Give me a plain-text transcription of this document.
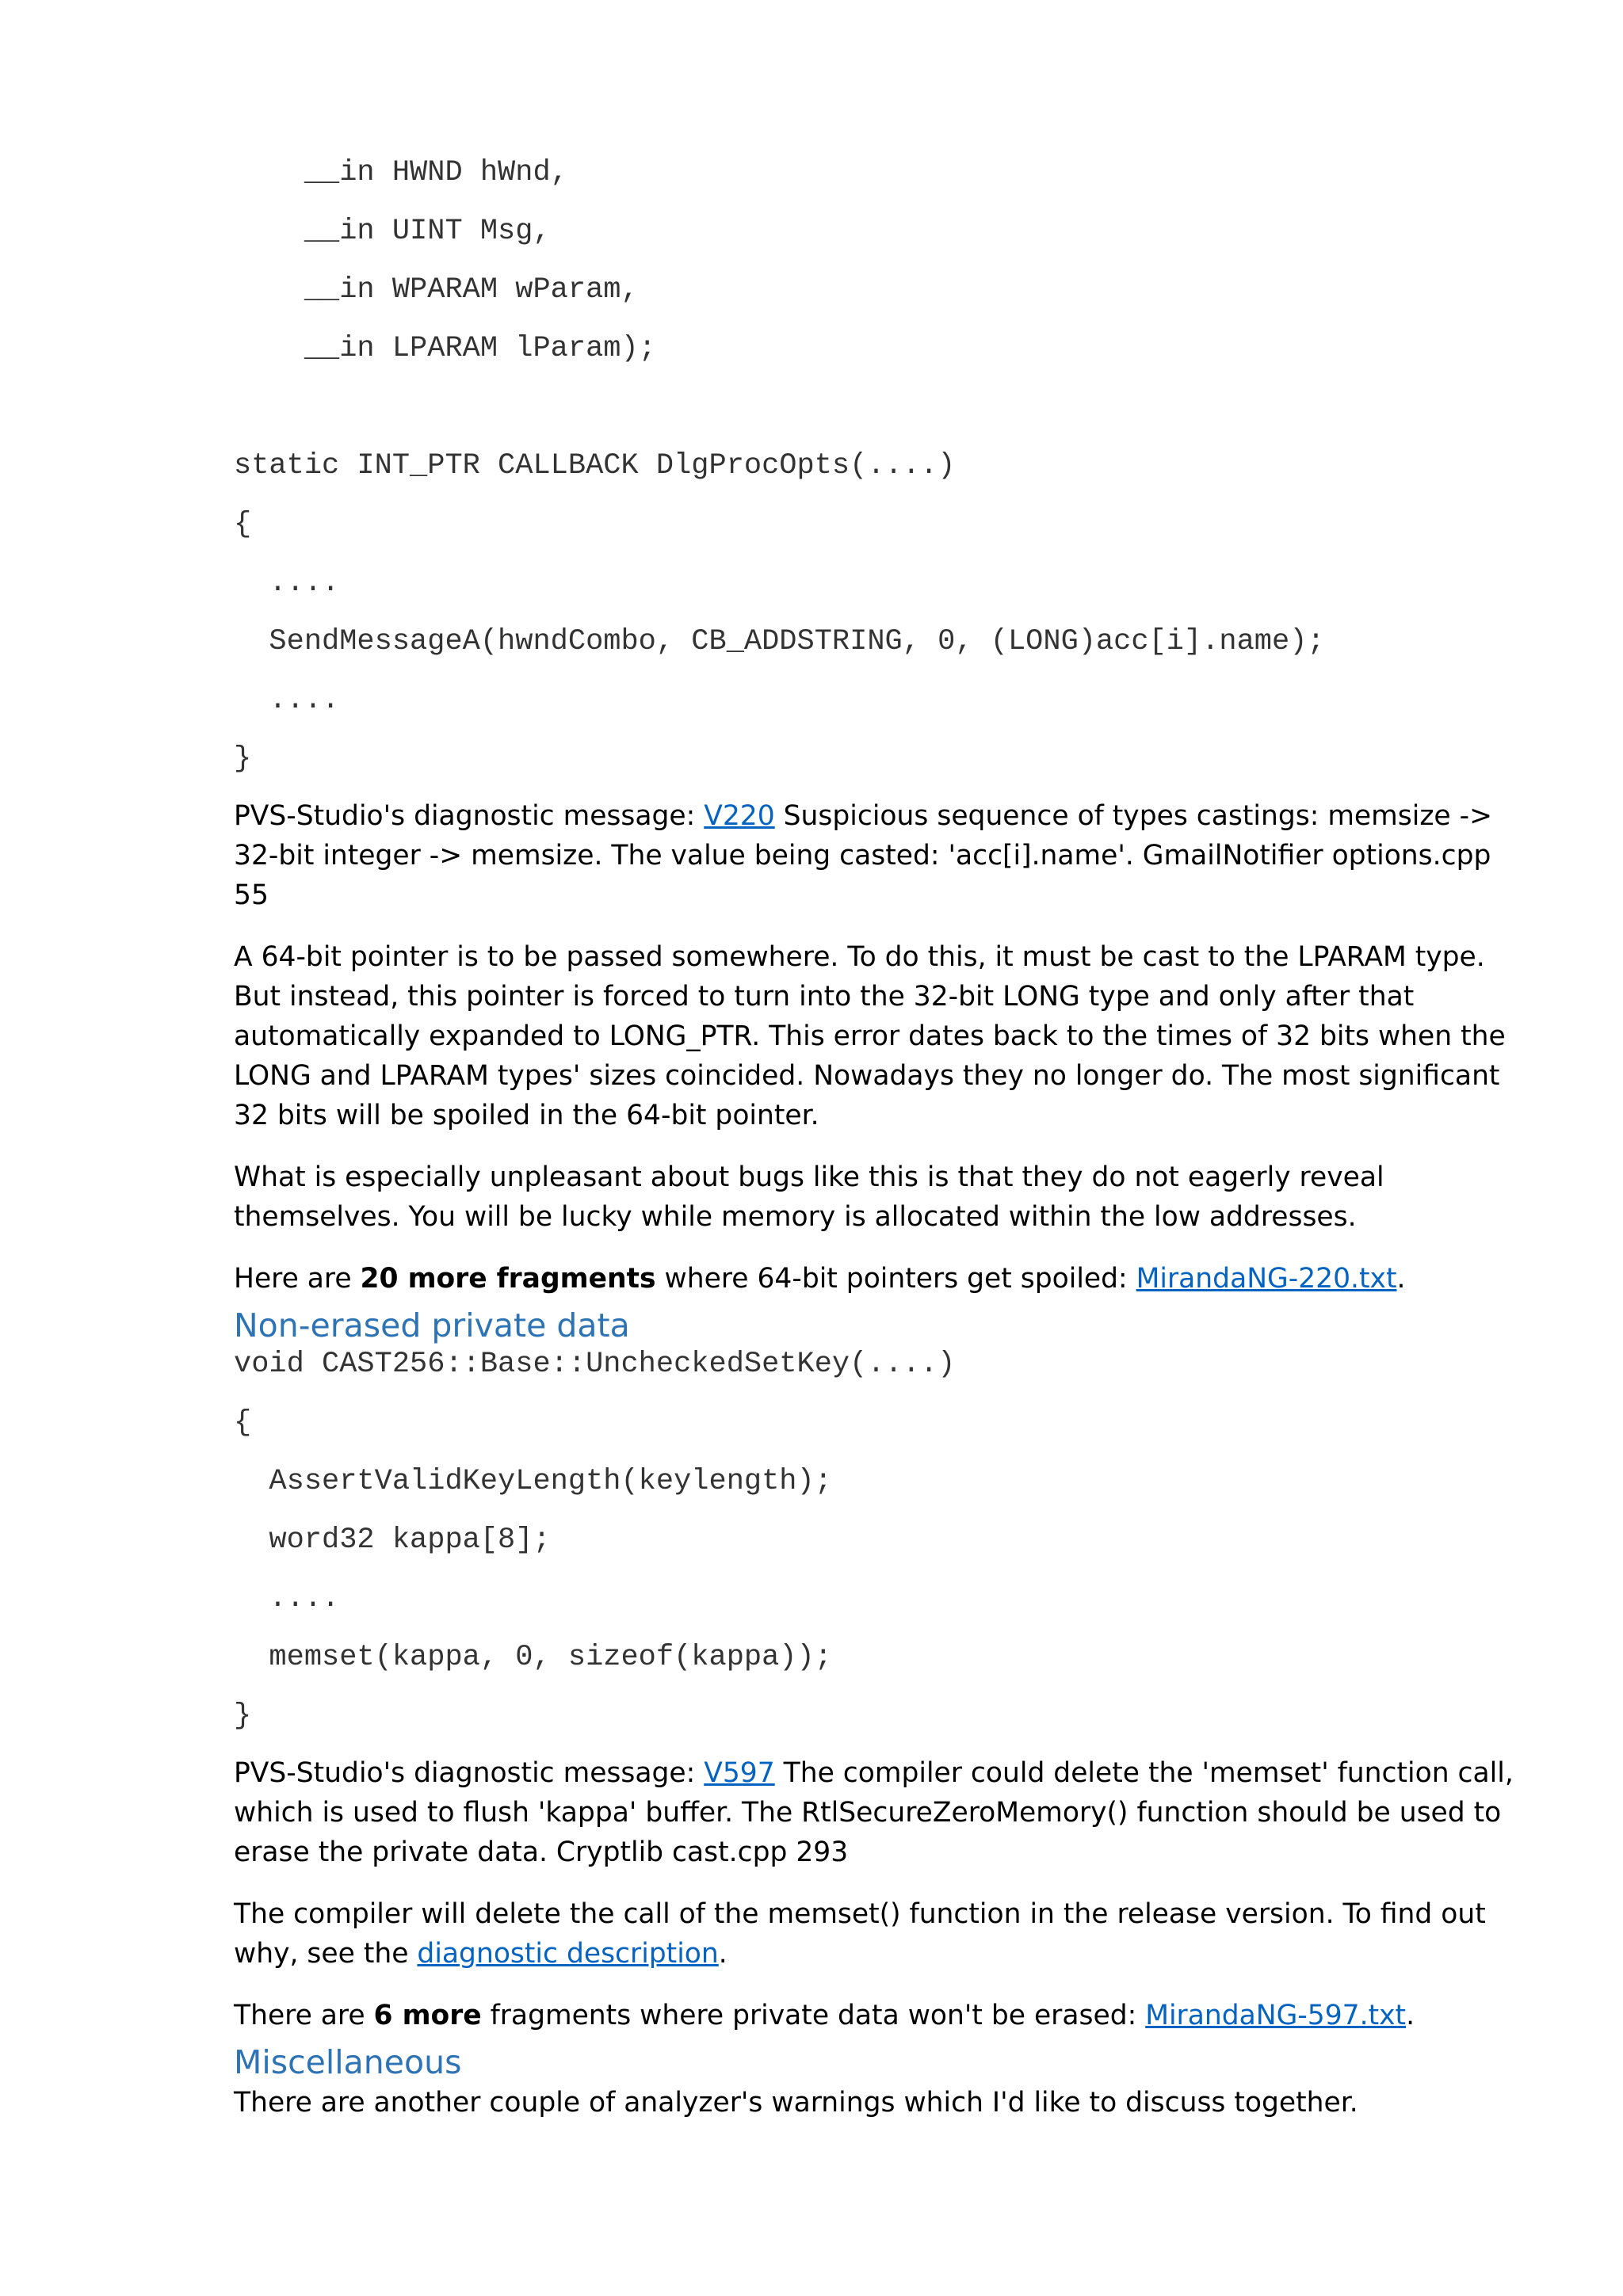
__in HWND hWnd,
__in UINT Msg,
__in WPARAM wParam,
__in LPARAM lParam);
static INT_PTR CALLBACK DlgProcOpts(....)
{
....
SendMessageA(hwndCombo, CB_ADDSTRING, 0, (LONG)acc[i].name);
....
}

PVS-Studio's diagnostic message: V220 Suspicious sequence of types castings: memsize -> 32-bit integer -> memsize. The value being casted: 'acc[i].name'. GmailNotifier options.cpp 55

A 64-bit pointer is to be passed somewhere. To do this, it must be cast to the LPARAM type. But instead, this pointer is forced to turn into the 32-bit LONG type and only after that automatically expanded to LONG_PTR. This error dates back to the times of 32 bits when the LONG and LPARAM types' sizes coincided. Nowadays they no longer do. The most significant 32 bits will be spoiled in the 64-bit pointer.

What is especially unpleasant about bugs like this is that they do not eagerly reveal themselves. You will be lucky while memory is allocated within the low addresses.

Here are 20 more fragments where 64-bit pointers get spoiled: MirandaNG-220.txt.

Non-erased private data
void CAST256::Base::UncheckedSetKey(....)
{
AssertValidKeyLength(keylength);
word32 kappa[8];
....
memset(kappa, 0, sizeof(kappa));
}

PVS-Studio's diagnostic message: V597 The compiler could delete the 'memset' function call, which is used to flush 'kappa' buffer. The RtlSecureZeroMemory() function should be used to erase the private data. Cryptlib cast.cpp 293

The compiler will delete the call of the memset() function in the release version. To find out why, see the diagnostic description.

There are 6 more fragments where private data won't be erased: MirandaNG-597.txt.

Miscellaneous

There are another couple of analyzer's warnings which I'd like to discuss together.
